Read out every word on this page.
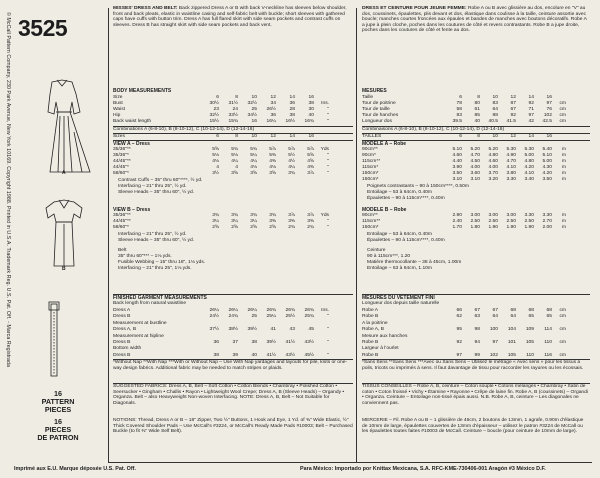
© McCall Pattern Company, 230 Park Avenue, New York 10169. Copyright 1988. Printed in U.S.A. Trademark Reg. U.S. Pat. Off. - Marca Registrada 3525
A
B
16
PATTERN
PIECES
16
PIECES
DE PATRON
MISSES' DRESS AND BELT: Back zippered Dress A or B with back V-neckline has sleeves below shoulder, front and back pleats, elastic in waistline casing and self-fabric belt with buckle; short sleeves with gathered caps have cuffs with button trim. Dress A has full flared skirt with side seam pockets and contrast cuffs on sleeves. Dress B has straight skirt with side seam pockets and back vent.
BODY MEASUREMENTS
Size	6	8	10	12	14	16
Bust	30½	31½	32½	34	36	38	Ins.
Waist	23	24	25	26½	28	30	"
Hip	32½	33½	34½	36	38	40	"
Back waist length	15½	15¾	16	16¼	16½	16¾	"
Combinations A (6-8-10), B (8-10-12), C (10-12-14), D (12-14-16)
Sizes	6	8	10	12	14	16
VIEW A – Dress
35/36"**	5⅝	5¾	5¾	5⅞	5⅞	5⅞	Yds
35/36"*	5⅛	5⅛	5¼	5⅜	5½	5⅝	"
44/45"**	4⅛	4¼	4¼	4⅜	4½	4⅝	"
44/45"*	4	4	4⅛	4⅛	4¼	4⅜	"
58/60"*	3½	3⅝	3⅝	3⅝	3¾	3⅞	"
Contrast Cuffs – 35" thru 60"****, ½ yd.
Interfacing – 21" thru 25", ½ yd.
Sleeve Heads – 35" thru 60", ½ yd.
VIEW B – Dress
35/36"**	3¾	3¾	3¾	3¾	3⅞	3⅞	Yds
44/45"**	3¼	3¼	3¼	3⅜	3⅜	3⅜	"
58/60"*	2⅝	2⅝	2⅝	2⅝	2¾	2¾	"
Interfacing – 21" thru 25", ½ yd.
Sleeve Heads – 35" thru 60", ½ yd.
Belt
35" thru 60"*** – 1⅛ yds.
Fusible Webbing – 15" thru 18", 1⅛ yds.
Interfacing – 21" thru 25", 1⅛ yds.
FINISHED GARMENT MEASUREMENTS
Back length from natural waistline
Dress A	26¼	26¼	26¼	26¾	26¾	26¾	Ins.
Dress B	24½	24¾	25	25¼	25½	25¾	"
Measurement at bustline
Dress A, B	37½	38½	39½	41	43	45	"
Measurement at hipline
Dress B	36	37	38	39½	41½	43½	"
Bottom width
Dress B	38	39	40	41½	43½	45½	"
*Without Nap **With Nap ***With or Without Nap – Use With Nap yardages and layouts for pile, knits or one-way design fabrics. Additional fabric may be needed to match stripes or plaids.
SUGGESTED FABRICS: Dress A, B, Belt – Soft Cotton • Cotton Blends • Chambray • Polished Cotton • Seersucker • Gingham • Challis • Rayon • Lightweight Wool Crepe; Dress A, B (Sleeve Heads) – Organdy • Organza. Belt – also Heavyweight Non-woven Interfacing. NOTE: Dress A, B, Belt – Not Suitable for Diagonals.
NOTIONS: Thread, Dress A or B – 18" Zipper, Two ½" Buttons, 1 Hook and Eye, 1 Yd. of ⅜" Wide Elastic, ½" Thick Covered Shoulder Pads – Use McCall's #3224, or McCall's Ready Made Pads #10003; Belt – Purchased Buckle (to fit ⅜" Wide Self Belt).
DRESS ET CEINTURE POUR JEUNE FEMME: Robe A ou B avec glissière au dos, encolure en "V" au dos, coussinets, épaulettes, plis devant et dos, élastique dans coulisse à la taille, ceinture assortie avec boucle; manches courtes froncées aux épaules et bandes de manches avec boutons décoratifs. Robe A a jupe à plein cloche, poches dans les coutures de côté et revers contrastants. Robe B a jupe droite, poches dans les coutures de côté et fente au dos.
MESURES
Taille	6	8	10	12	14	16
Tour de poitrine	78	80	83	87	92	97	cm
Tour de taille	58	61	64	67	71	76	cm
Tour de hanches	83	85	88	92	97	102	cm
Longueur dos	39.5	40	40.5	41.5	42	42.5	cm
Combinaisons A (6-8-10), B (8-10-12), C (10-12-14), D (12-14-16)
TAILLES	6	8	10	12	14	16
MODELE A – Robe
90cm**	5.10	5.20	5.20	5.30	5.30	5.40	m
90cm*	4.60	4.70	4.80	4.90	5.00	5.10	m
115cm**	4.40	4.50	4.60	4.70	4.80	5.00	m
115cm*	3.90	4.00	4.00	4.10	4.20	4.30	m
150cm*	3.50	3.60	3.70	3.80	4.10	4.20	m
150cm*	3.10	3.10	3.20	3.30	3.40	3.50	m
Poignets contrastants – 90 à 150cm****, 0.50m
Entoilage – 53 à 64cm, 0.40m
Épaulettes – 90 à 115cm****, 0.40m
MODELE B – Robe
90cm**	2.90	3.00	3.00	3.00	3.30	3.30	m
115cm**	2.40	2.50	2.50	2.50	2.50	2.70	m
150cm*	1.70	1.80	1.90	1.90	1.90	2.00	m
Entoilage – 53 à 64cm, 0.40m
Épaulettes – 90 à 115cm****, 0.40m
Ceinture
90 à 115cm***, 1.20
Matière thermocollante – 38 à 45cm, 1.00m
Entoilage – 53 à 64cm, 1.10m
MESURES DU VETEMENT FINI
Longueur dos depuis taille naturelle
Robe A	66	67	67	68	68	68	cm
Robe B	62	63	64	64	65	65	cm
A la poitrine
Robe A, B	95	98	100	104	109	114	cm
Mesure aux hanches
Robe B	92	94	97	101	105	110	cm
Largeur à l'ourlet
Robe B	97	99	102	105	110	116	cm
*Sans Sens **Sans Sens ***Avec ou Sans Sens – Utilisez le métrage « Avec sens » pour les tissus à poils, tricots ou imprimés à sens. Il faut davantage de tissu pour raccorder les rayures ou les écossais.
TISSUS CONSEILLES – Robe A, B, ceinture – Coton souple • Cotons mélangés • Chambray • Satin de coton • Coton froissé • Vichy • Étamine • Rayonne • Crêpe de laine fin. Robe A, B (coussinets) – Organdi • Organza. Ceinture – Entoilage non-tissé épais aussi. N.B. Robe A, B, ceinture – Les diagonales ne conviennent pas.
MERCERIE – Fil. Robe A ou B – 1 glissière de 46cm, 2 boutons de 13mm, 1 agrafe, 0.90m d'élastique de 10mm de large, épaulettes couvertes de 13mm d'épaisseur – utilisez le patron #3224 de McCall ou les épaulettes toutes faites #10003 de McCall. Ceinture – boucle (pour ceinture de 10mm de large).
Imprimé aux E.U. Marque déposée U.S. Pat. Off.	Para México: Importado por Knittax Mexicana, S.A. RFC-KME-730406-001 Aragón #3 México D.F.
